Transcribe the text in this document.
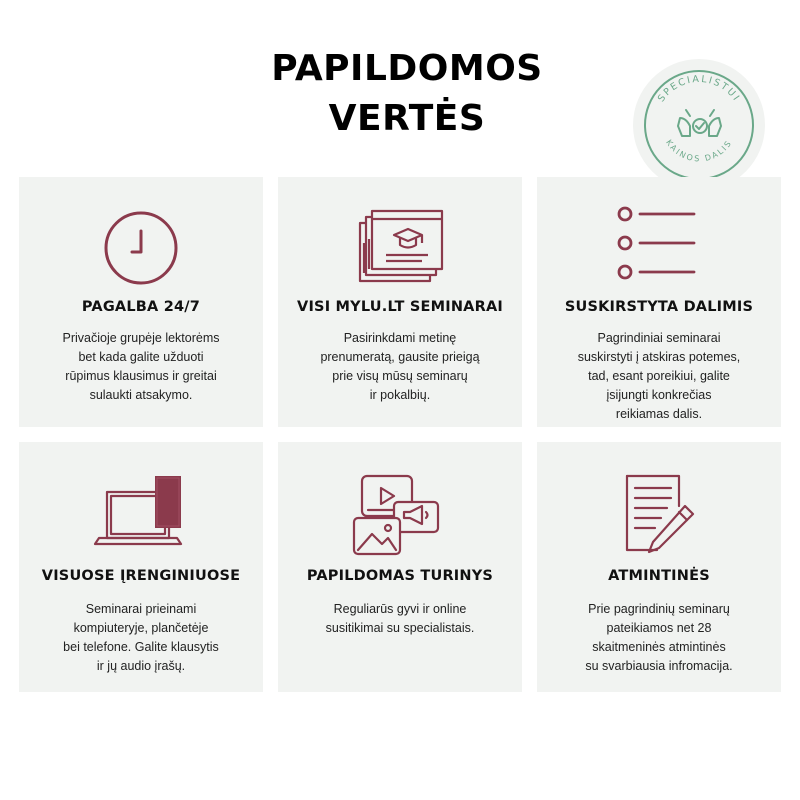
PAPILDOMOS
VERTĖS
SPECIALISTUI
KAINOS DALIS
PAGALBA 24/7

Privačioje grupėje lektorėms
bet kada galite užduoti
rūpimus klausimus ir greitai
sulaukti atsakymo.

VISI MYLU.LT SEMINARAI

Pasirinkdami metinę
prenumeratą, gausite prieigą
prie visų mūsų seminarų
ir pokalbių.

SUSKIRSTYTA DALIMIS

Pagrindiniai seminarai
suskirstyti į atskiras potemes,
tad, esant poreikiui, galite
įsijungti konkrečias
reikiamas dalis.

VISUOSE ĮRENGINIUOSE

Seminarai prieinami
kompiuteryje, plančetėje
bei telefone. Galite klausytis
ir jų audio įrašų.

PAPILDOMAS TURINYS

Reguliarūs gyvi ir online
susitikimai su specialistais.

ATMINTINĖS

Prie pagrindinių seminarų
pateikiamos net 28
skaitmeninės atmintinės
su svarbiausia infromacija.
